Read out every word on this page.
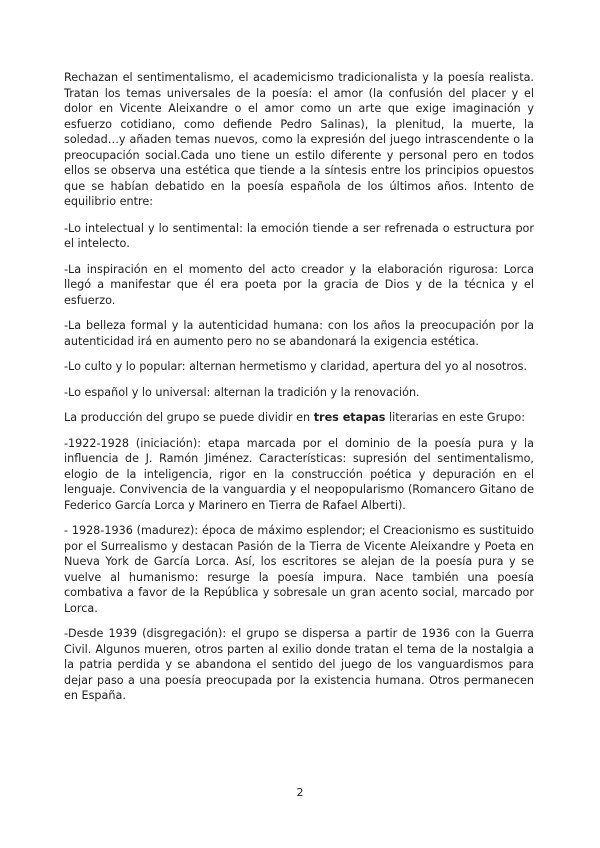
Rechazan el sentimentalismo, el academicismo tradicionalista y la poesía realista. Tratan los temas universales de la poesía: el amor (la confusión del placer y el dolor en Vicente Aleixandre o el amor como un arte que exige imaginación y esfuerzo cotidiano, como defiende Pedro Salinas), la plenitud, la muerte, la soledad…y añaden temas nuevos, como la expresión del juego intrascendente o la preocupación social.Cada uno tiene un estilo diferente y personal pero en todos ellos se observa una estética que tiende a la síntesis entre los principios opuestos que se habían debatido en la poesía española de los últimos años. Intento de equilibrio entre:

-Lo intelectual y lo sentimental: la emoción tiende a ser refrenada o estructura por el intelecto.

-La inspiración en el momento del acto creador y la elaboración rigurosa: Lorca llegó a manifestar que él era poeta por la gracia de Dios y de la técnica y el esfuerzo.

-La belleza formal y la autenticidad humana: con los años la preocupación por la autenticidad irá en aumento pero no se abandonará la exigencia estética.

-Lo culto y lo popular: alternan hermetismo y claridad, apertura del yo al nosotros.

-Lo español y lo universal: alternan la tradición y la renovación.

La producción del grupo se puede dividir en tres etapas literarias en este Grupo:

-1922-1928 (iniciación): etapa marcada por el dominio de la poesía pura y la influencia de J. Ramón Jiménez. Características: supresión del sentimentalismo, elogio de la inteligencia, rigor en la construcción poética y depuración en el lenguaje. Convivencia de la vanguardia y el neopopularismo (Romancero Gitano de Federico García Lorca y Marinero en Tierra de Rafael Alberti).

- 1928-1936 (madurez): época de máximo esplendor; el Creacionismo es sustituido por el Surrealismo y destacan Pasión de la Tierra de Vicente Aleixandre y Poeta en Nueva York de García Lorca. Así, los escritores se alejan de la poesía pura y se vuelve al humanismo: resurge la poesía impura. Nace también una poesía combativa a favor de la República y sobresale un gran acento social, marcado por Lorca.

-Desde 1939 (disgregación): el grupo se dispersa a partir de 1936 con la Guerra Civil. Algunos mueren, otros parten al exilio donde tratan el tema de la nostalgia a la patria perdida y se abandona el sentido del juego de los vanguardismos para dejar paso a una poesía preocupada por la existencia humana. Otros permanecen en España.

2
